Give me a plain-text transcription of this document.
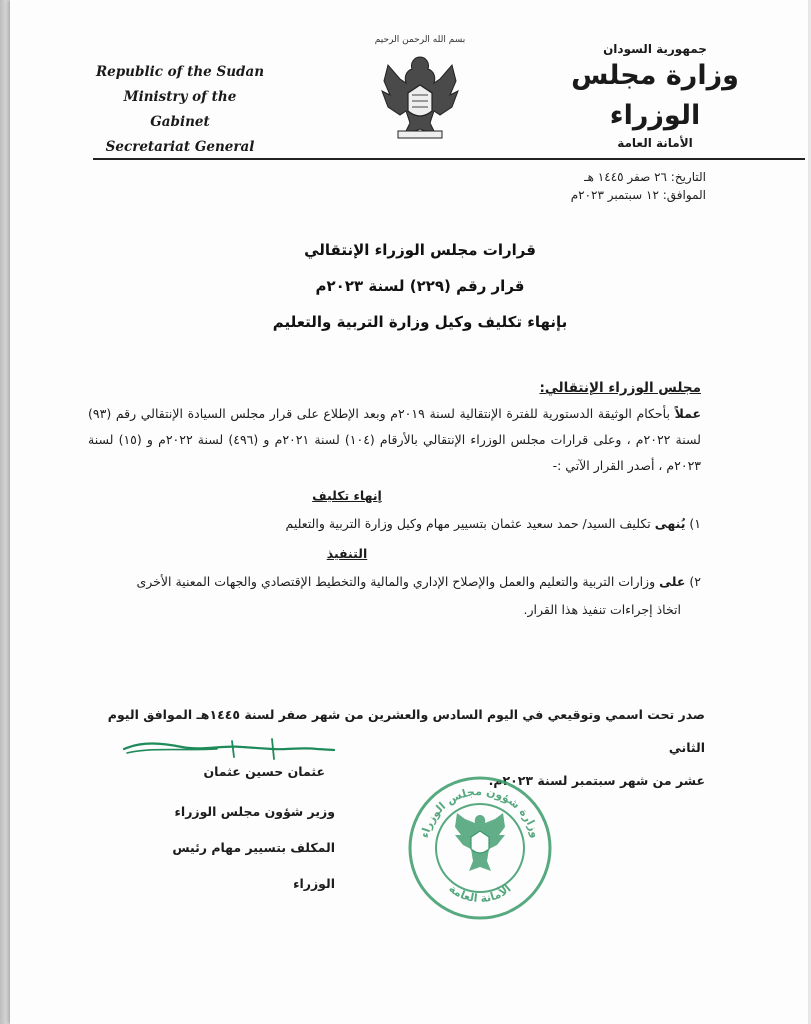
Republic of the Sudan
Ministry of the Gabinet
Secretariat General
بسم الله الرحمن الرحيم
جمهورية السودان
وزارة مجلس الوزراء
الأمانة العامة
التاريخ: ٢٦ صفر ١٤٤٥ هـ
الموافق: ١٢ سبتمبر ٢٠٢٣م
قرارات مجلس الوزراء الإنتقالي
قرار رقم (٢٢٩) لسنة ٢٠٢٣م
بإنهاء تكليف وكيل وزارة التربية والتعليم
مجلس الوزراء الإنتقالي:
عملاً بأحكام الوثيقة الدستورية للفترة الإنتقالية لسنة ٢٠١٩م وبعد الإطلاع على قرار مجلس السيادة الإنتقالي رقم (٩٣) لسنة ٢٠٢٢م ، وعلى قرارات مجلس الوزراء الإنتقالي بالأرقام (١٠٤) لسنة ٢٠٢١م و (٤٩٦) لسنة ٢٠٢٢م و (١٥) لسنة ٢٠٢٣م ، أصدر القرار الآتي :-
إنهاء تكليف
١) يُنهى تكليف السيد/ حمد سعيد عثمان بتسيير مهام وكيل وزارة التربية والتعليم
التنفيذ
٢) على وزارات التربية والتعليم والعمل والإصلاح الإداري والمالية والتخطيط الإقتصادي والجهات المعنية الأخرى
اتخاذ إجراءات تنفيذ هذا القرار.
صدر تحت اسمي وتوقيعي في اليوم السادس والعشرين من شهر صفر لسنة ١٤٤٥هـ الموافق اليوم الثاني
عشر من شهر سبتمبر لسنة ٢٠٢٣م.
عثمان حسين عثمان
وزير شؤون مجلس الوزراء
المكلف بتسيير مهام رئيس الوزراء
وزارة شؤون مجلس الوزراء
الأمانة العامة
